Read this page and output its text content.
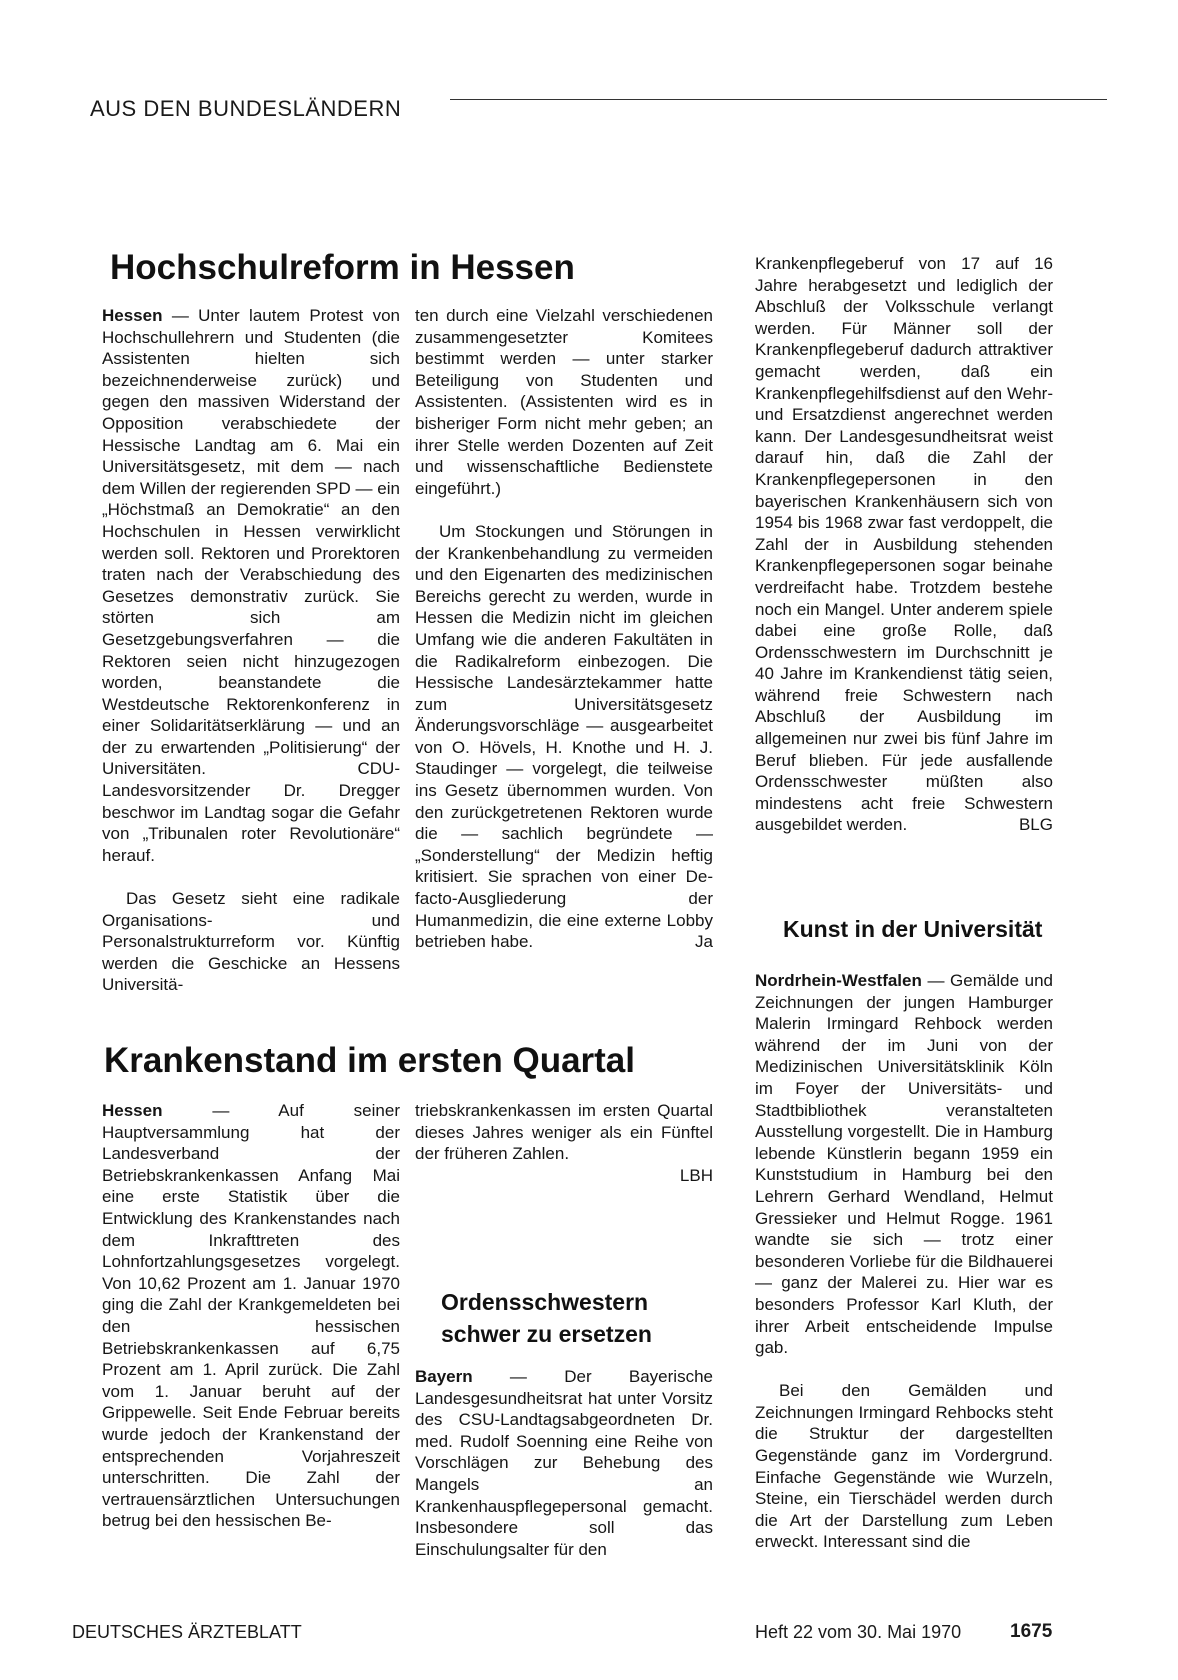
AUS DEN BUNDESLÄNDERN
Hochschulreform in Hessen

Hessen — Unter lautem Protest von Hochschullehrern und Studenten (die Assistenten hielten sich bezeichnenderweise zurück) und gegen den massiven Widerstand der Opposition verabschiedete der Hessische Landtag am 6. Mai ein Universitätsgesetz, mit dem — nach dem Willen der regierenden SPD — ein „Höchstmaß an Demokratie“ an den Hochschulen in Hessen verwirklicht werden soll. Rektoren und Prorektoren traten nach der Verabschiedung des Gesetzes demonstrativ zurück. Sie störten sich am Gesetzgebungsverfahren — die Rektoren seien nicht hinzugezogen worden, beanstandete die Westdeutsche Rektorenkonferenz in einer Solidaritätserklärung — und an der zu erwartenden „Politisierung“ der Universitäten. CDU-Landesvorsitzender Dr. Dregger beschwor im Landtag sogar die Gefahr von „Tribunalen roter Revolutionäre“ herauf.

Das Gesetz sieht eine radikale Organisations- und Personalstrukturreform vor. Künftig werden die Geschicke an Hessens Universitä-

ten durch eine Vielzahl verschiedenen zusammengesetzter Komitees bestimmt werden — unter starker Beteiligung von Studenten und Assistenten. (Assistenten wird es in bisheriger Form nicht mehr geben; an ihrer Stelle werden Dozenten auf Zeit und wissenschaftliche Bedienstete eingeführt.)

Um Stockungen und Störungen in der Krankenbehandlung zu vermeiden und den Eigenarten des medizinischen Bereichs gerecht zu werden, wurde in Hessen die Medizin nicht im gleichen Umfang wie die anderen Fakultäten in die Radikalreform einbezogen. Die Hessische Landesärztekammer hatte zum Universitätsgesetz Änderungsvorschläge — ausgearbeitet von O. Hövels, H. Knothe und H. J. Staudinger — vorgelegt, die teilweise ins Gesetz übernommen wurden. Von den zurückgetretenen Rektoren wurde die — sachlich begründete — „Sonderstellung“ der Medizin heftig kritisiert. Sie sprachen von einer De-facto-Ausgliederung der Humanmedizin, die eine externe Lobby betrieben habe.	Ja

Krankenstand im ersten Quartal

Hessen — Auf seiner Hauptversammlung hat der Landesverband der Betriebskrankenkassen Anfang Mai eine erste Statistik über die Entwicklung des Krankenstandes nach dem Inkrafttreten des Lohnfortzahlungsgesetzes vorgelegt. Von 10,62 Prozent am 1. Januar 1970 ging die Zahl der Krankgemeldeten bei den hessischen Betriebskrankenkassen auf 6,75 Prozent am 1. April zurück. Die Zahl vom 1. Januar beruht auf der Grippewelle. Seit Ende Februar bereits wurde jedoch der Krankenstand der entsprechenden Vorjahreszeit unterschritten. Die Zahl der vertrauensärztlichen Untersuchungen betrug bei den hessischen Be-

triebskrankenkassen im ersten Quartal dieses Jahres weniger als ein Fünftel der früheren Zahlen.

LBH
Ordensschwestern
schwer zu ersetzen

Bayern — Der Bayerische Landesgesundheitsrat hat unter Vorsitz des CSU-Landtagsabgeordneten Dr. med. Rudolf Soenning eine Reihe von Vorschlägen zur Behebung des Mangels an Krankenhauspflegepersonal gemacht. Insbesondere soll das Einschulungsalter für den

Krankenpflegeberuf von 17 auf 16 Jahre herabgesetzt und lediglich der Abschluß der Volksschule verlangt werden. Für Männer soll der Krankenpflegeberuf dadurch attraktiver gemacht werden, daß ein Krankenpflegehilfsdienst auf den Wehr- und Ersatzdienst angerechnet werden kann. Der Landesgesundheitsrat weist darauf hin, daß die Zahl der Krankenpflegepersonen in den bayerischen Krankenhäusern sich von 1954 bis 1968 zwar fast verdoppelt, die Zahl der in Ausbildung stehenden Krankenpflegepersonen sogar beinahe verdreifacht habe. Trotzdem bestehe noch ein Mangel. Unter anderem spiele dabei eine große Rolle, daß Ordensschwestern im Durchschnitt je 40 Jahre im Krankendienst tätig seien, während freie Schwestern nach Abschluß der Ausbildung im allgemeinen nur zwei bis fünf Jahre im Beruf blieben. Für jede ausfallende Ordensschwester müßten also mindestens acht freie Schwestern ausgebildet werden.	BLG

Kunst in der Universität

Nordrhein-Westfalen — Gemälde und Zeichnungen der jungen Hamburger Malerin Irmingard Rehbock werden während der im Juni von der Medizinischen Universitätsklinik Köln im Foyer der Universitäts- und Stadtbibliothek veranstalteten Ausstellung vorgestellt. Die in Hamburg lebende Künstlerin begann 1959 ein Kunststudium in Hamburg bei den Lehrern Gerhard Wendland, Helmut Gressieker und Helmut Rogge. 1961 wandte sie sich — trotz einer besonderen Vorliebe für die Bildhauerei — ganz der Malerei zu. Hier war es besonders Professor Karl Kluth, der ihrer Arbeit entscheidende Impulse gab.

Bei den Gemälden und Zeichnungen Irmingard Rehbocks steht die Struktur der dargestellten Gegenstände ganz im Vordergrund. Einfache Gegenstände wie Wurzeln, Steine, ein Tierschädel werden durch die Art der Darstellung zum Leben erweckt. Interessant sind die

DEUTSCHES ÄRZTEBLATT	Heft 22 vom 30. Mai 1970	1675
